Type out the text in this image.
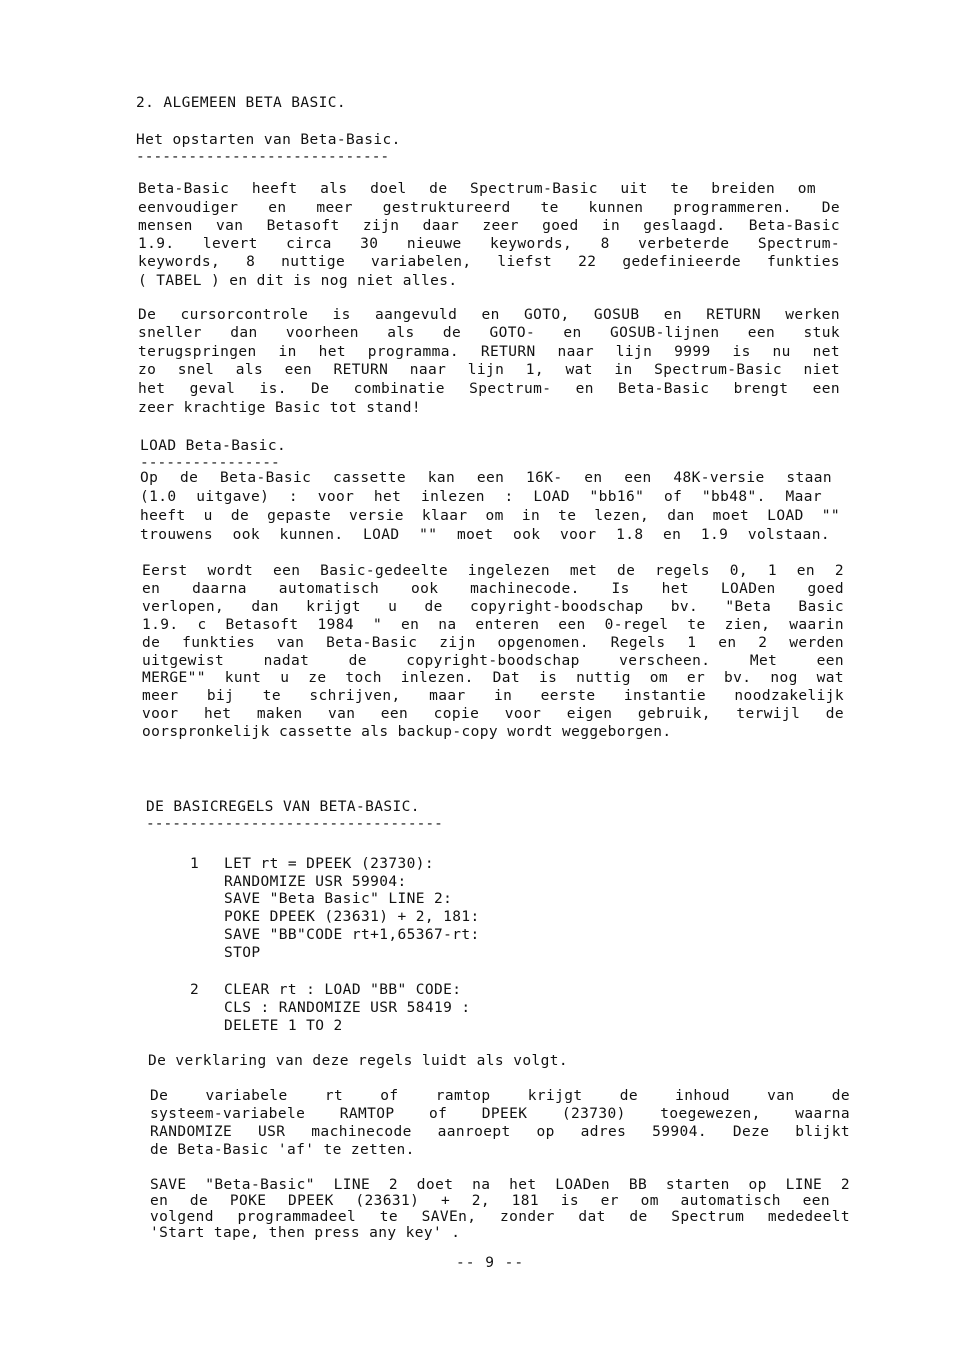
2. ALGEMEEN BETA BASIC.
Het opstarten van Beta-Basic.
-----------------------------
Beta-Basic heeft als doel de Spectrum-Basic uit te breiden om
eenvoudiger en meer gestruktureerd te kunnen programmeren. De
mensen van Betasoft zijn daar zeer goed in geslaagd. Beta-Basic
1.9. levert circa 30 nieuwe keywords, 8 verbeterde Spectrum-
keywords, 8 nuttige variabelen, liefst 22 gedefinieerde funkties
( TABEL ) en dit is nog niet alles.
De cursorcontrole is aangevuld en GOTO, GOSUB en RETURN werken
sneller dan voorheen als de GOTO- en GOSUB-lijnen een stuk
terugspringen in het programma. RETURN naar lijn 9999 is nu net
zo snel als een RETURN naar lijn 1, wat in Spectrum-Basic niet
het geval is. De combinatie Spectrum- en Beta-Basic brengt een
zeer krachtige Basic tot stand!
LOAD Beta-Basic.
----------------
Op de Beta-Basic cassette kan een 16K- en een 48K-versie staan
(1.0 uitgave) : voor het inlezen : LOAD "bb16" of "bb48". Maar
heeft u de gepaste versie klaar om in te lezen, dan moet LOAD ""
trouwens ook kunnen. LOAD "" moet ook voor 1.8 en 1.9 volstaan.
Eerst wordt een Basic-gedeelte ingelezen met de regels 0, 1 en 2
en daarna automatisch ook machinecode. Is het LOADen goed
verlopen, dan krijgt u de copyright-boodschap bv. "Beta Basic
1.9. c Betasoft 1984 " en na enteren een 0-regel te zien, waarin
de funkties van Beta-Basic zijn opgenomen. Regels 1 en 2 werden
uitgewist nadat de copyright-boodschap verscheen. Met een
MERGE"" kunt u ze toch inlezen. Dat is nuttig om er bv. nog wat
meer bij te schrijven, maar in eerste instantie noodzakelijk
voor het maken van een copie voor eigen gebruik, terwijl de
oorspronkelijk cassette als backup-copy wordt weggeborgen.
DE BASICREGELS VAN BETA-BASIC.
----------------------------------
1 LET rt = DPEEK (23730):
RANDOMIZE USR 59904:
SAVE "Beta Basic" LINE 2:
POKE DPEEK (23631) + 2, 181:
SAVE "BB"CODE rt+1,65367-rt:
STOP
2 CLEAR rt : LOAD "BB" CODE:
CLS : RANDOMIZE USR 58419 :
DELETE 1 TO 2
De verklaring van deze regels luidt als volgt.
De variabele rt of ramtop krijgt de inhoud van de
systeem-variabele RAMTOP of DPEEK (23730) toegewezen, waarna
RANDOMIZE USR machinecode aanroept op adres 59904. Deze blijkt
de Beta-Basic 'af' te zetten.
SAVE "Beta-Basic" LINE 2 doet na het LOADen BB starten op LINE 2
en de POKE DPEEK (23631) + 2, 181 is er om automatisch een
volgend programmadeel te SAVEn, zonder dat de Spectrum mededeelt
'Start tape, then press any key' .
-- 9 --
